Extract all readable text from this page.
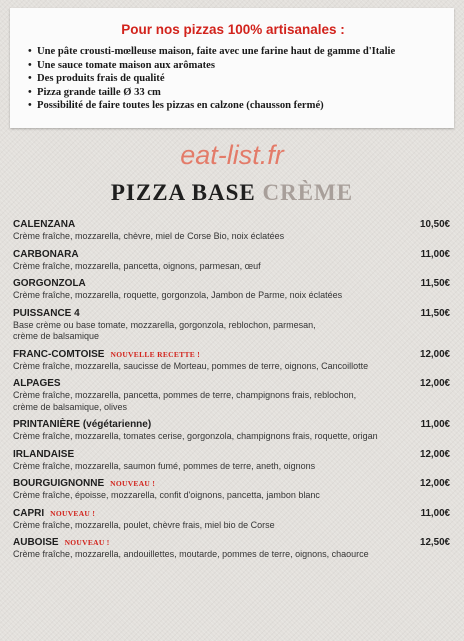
Pour nos pizzas 100% artisanales :
• Une pâte crousti-mœlleuse maison, faite avec une farine haut de gamme d'Italie
• Une sauce tomate maison aux arômates
• Des produits frais de qualité
• Pizza grande taille Ø 33 cm
• Possibilité de faire toutes les pizzas en calzone (chausson fermé)
eat-list.fr
PIZZA BASE CRÈME
CALENZANA	10,50€
Crème fraîche, mozzarella, chèvre, miel de Corse Bio, noix éclatées
CARBONARA	11,00€
Crème fraîche, mozzarella, pancetta, oignons, parmesan, œuf
GORGONZOLA	11,50€
Crème fraîche, mozzarella, roquette, gorgonzola, Jambon de Parme, noix éclatées
PUISSANCE 4	11,50€
Base crème ou base tomate, mozzarella, gorgonzola, reblochon, parmesan,
crème de balsamique
FRANC-COMTOISE NOUVELLE RECETTE !	12,00€
Crème fraîche, mozzarella, saucisse de Morteau, pommes de terre, oignons, Cancoillotte
ALPAGES	12,00€
Crème fraîche, mozzarella, pancetta, pommes de terre, champignons frais, reblochon,
crème de balsamique, olives
PRINTANIÈRE (végétarienne)	11,00€
Crème fraîche, mozzarella, tomates cerise, gorgonzola, champignons frais, roquette, origan
IRLANDAISE	12,00€
Crème fraîche, mozzarella, saumon fumé, pommes de terre, aneth, oignons
BOURGUIGNONNE NOUVEAU !	12,00€
Crème fraîche, époisse, mozzarella, confit d'oignons, pancetta, jambon blanc
CAPRI NOUVEAU !	11,00€
Crème fraîche, mozzarella, poulet, chèvre frais, miel bio de Corse
AUBOISE NOUVEAU !	12,50€
Crème fraîche, mozzarella, andouillettes, moutarde, pommes de terre, oignons, chaource
